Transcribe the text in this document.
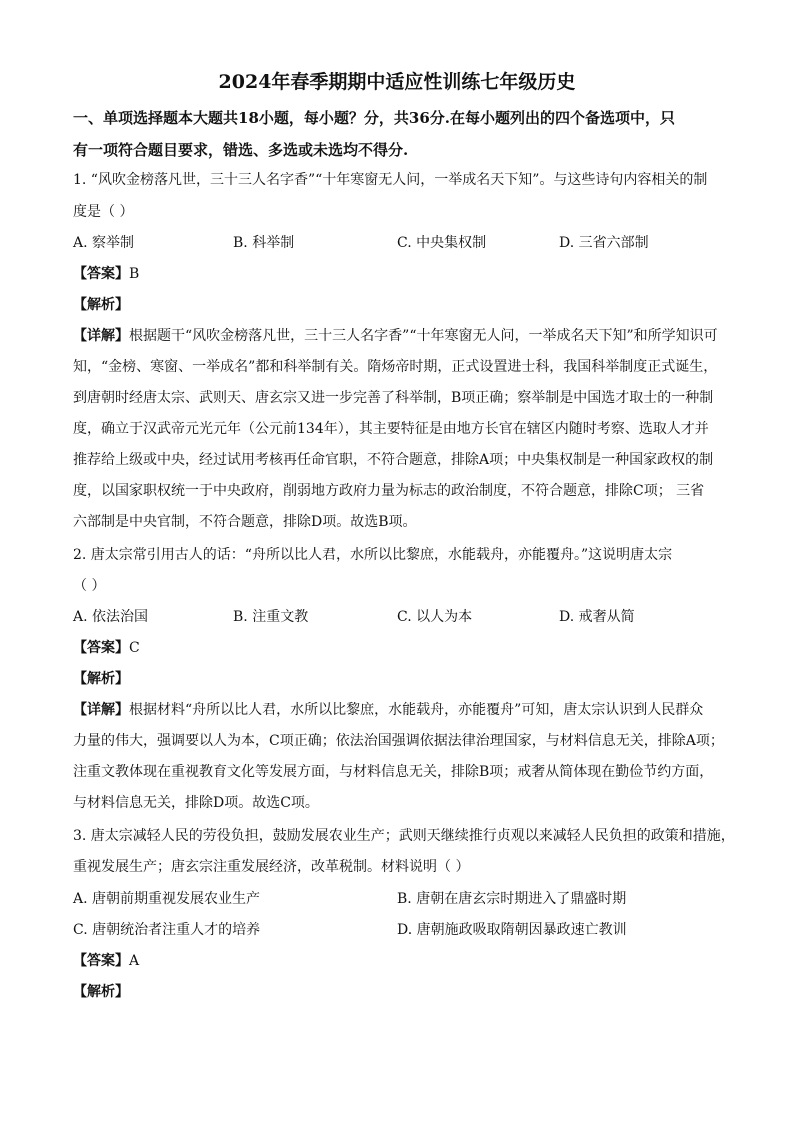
2024年春季期期中适应性训练七年级历史
一、单项选择题本大题共18小题，每小题？分，共36分.在每小题列出的四个备选项中，只
有一项符合题目要求，错选、多选或未选均不得分.
1. “风吹金榜落凡世，三十三人名字香”“十年寒窗无人问，一举成名天下知”。与这些诗句内容相关的制
度是（ ）
A. 察举制	B. 科举制	C. 中央集权制	D. 三省六部制
【答案】B
【解析】
【详解】根据题干“风吹金榜落凡世，三十三人名字香”“十年寒窗无人问，一举成名天下知”和所学知识可
知，“金榜、寒窗、一举成名”都和科举制有关。隋炀帝时期，正式设置进士科，我国科举制度正式诞生，
到唐朝时经唐太宗、武则天、唐玄宗又进一步完善了科举制，B项正确；察举制是中国选才取士的一种制
度，确立于汉武帝元光元年（公元前134年），其主要特征是由地方长官在辖区内随时考察、选取人才并
推荐给上级或中央，经过试用考核再任命官职，不符合题意，排除A项；中央集权制是一种国家政权的制
度，以国家职权统一于中央政府，削弱地方政府力量为标志的政治制度，不符合题意，排除C项； 三省
六部制是中央官制，不符合题意，排除D项。故选B项。
2. 唐太宗常引用古人的话：“舟所以比人君，水所以比黎庶，水能载舟，亦能覆舟。”这说明唐太宗
（ ）
A. 依法治国	B. 注重文教	C. 以人为本	D. 戒奢从简
【答案】C
【解析】
【详解】根据材料“舟所以比人君，水所以比黎庶，水能载舟，亦能覆舟”可知，唐太宗认识到人民群众
力量的伟大，强调要以人为本，C项正确；依法治国强调依据法律治理国家，与材料信息无关，排除A项；
注重文教体现在重视教育文化等发展方面，与材料信息无关，排除B项；戒奢从简体现在勤俭节约方面，
与材料信息无关，排除D项。故选C项。
3. 唐太宗减轻人民的劳役负担，鼓励发展农业生产；武则天继续推行贞观以来减轻人民负担的政策和措施，
重视发展生产；唐玄宗注重发展经济，改革税制。材料说明（ ）
A. 唐朝前期重视发展农业生产	B. 唐朝在唐玄宗时期进入了鼎盛时期
C. 唐朝统治者注重人才的培养	D. 唐朝施政吸取隋朝因暴政速亡教训
【答案】A
【解析】
